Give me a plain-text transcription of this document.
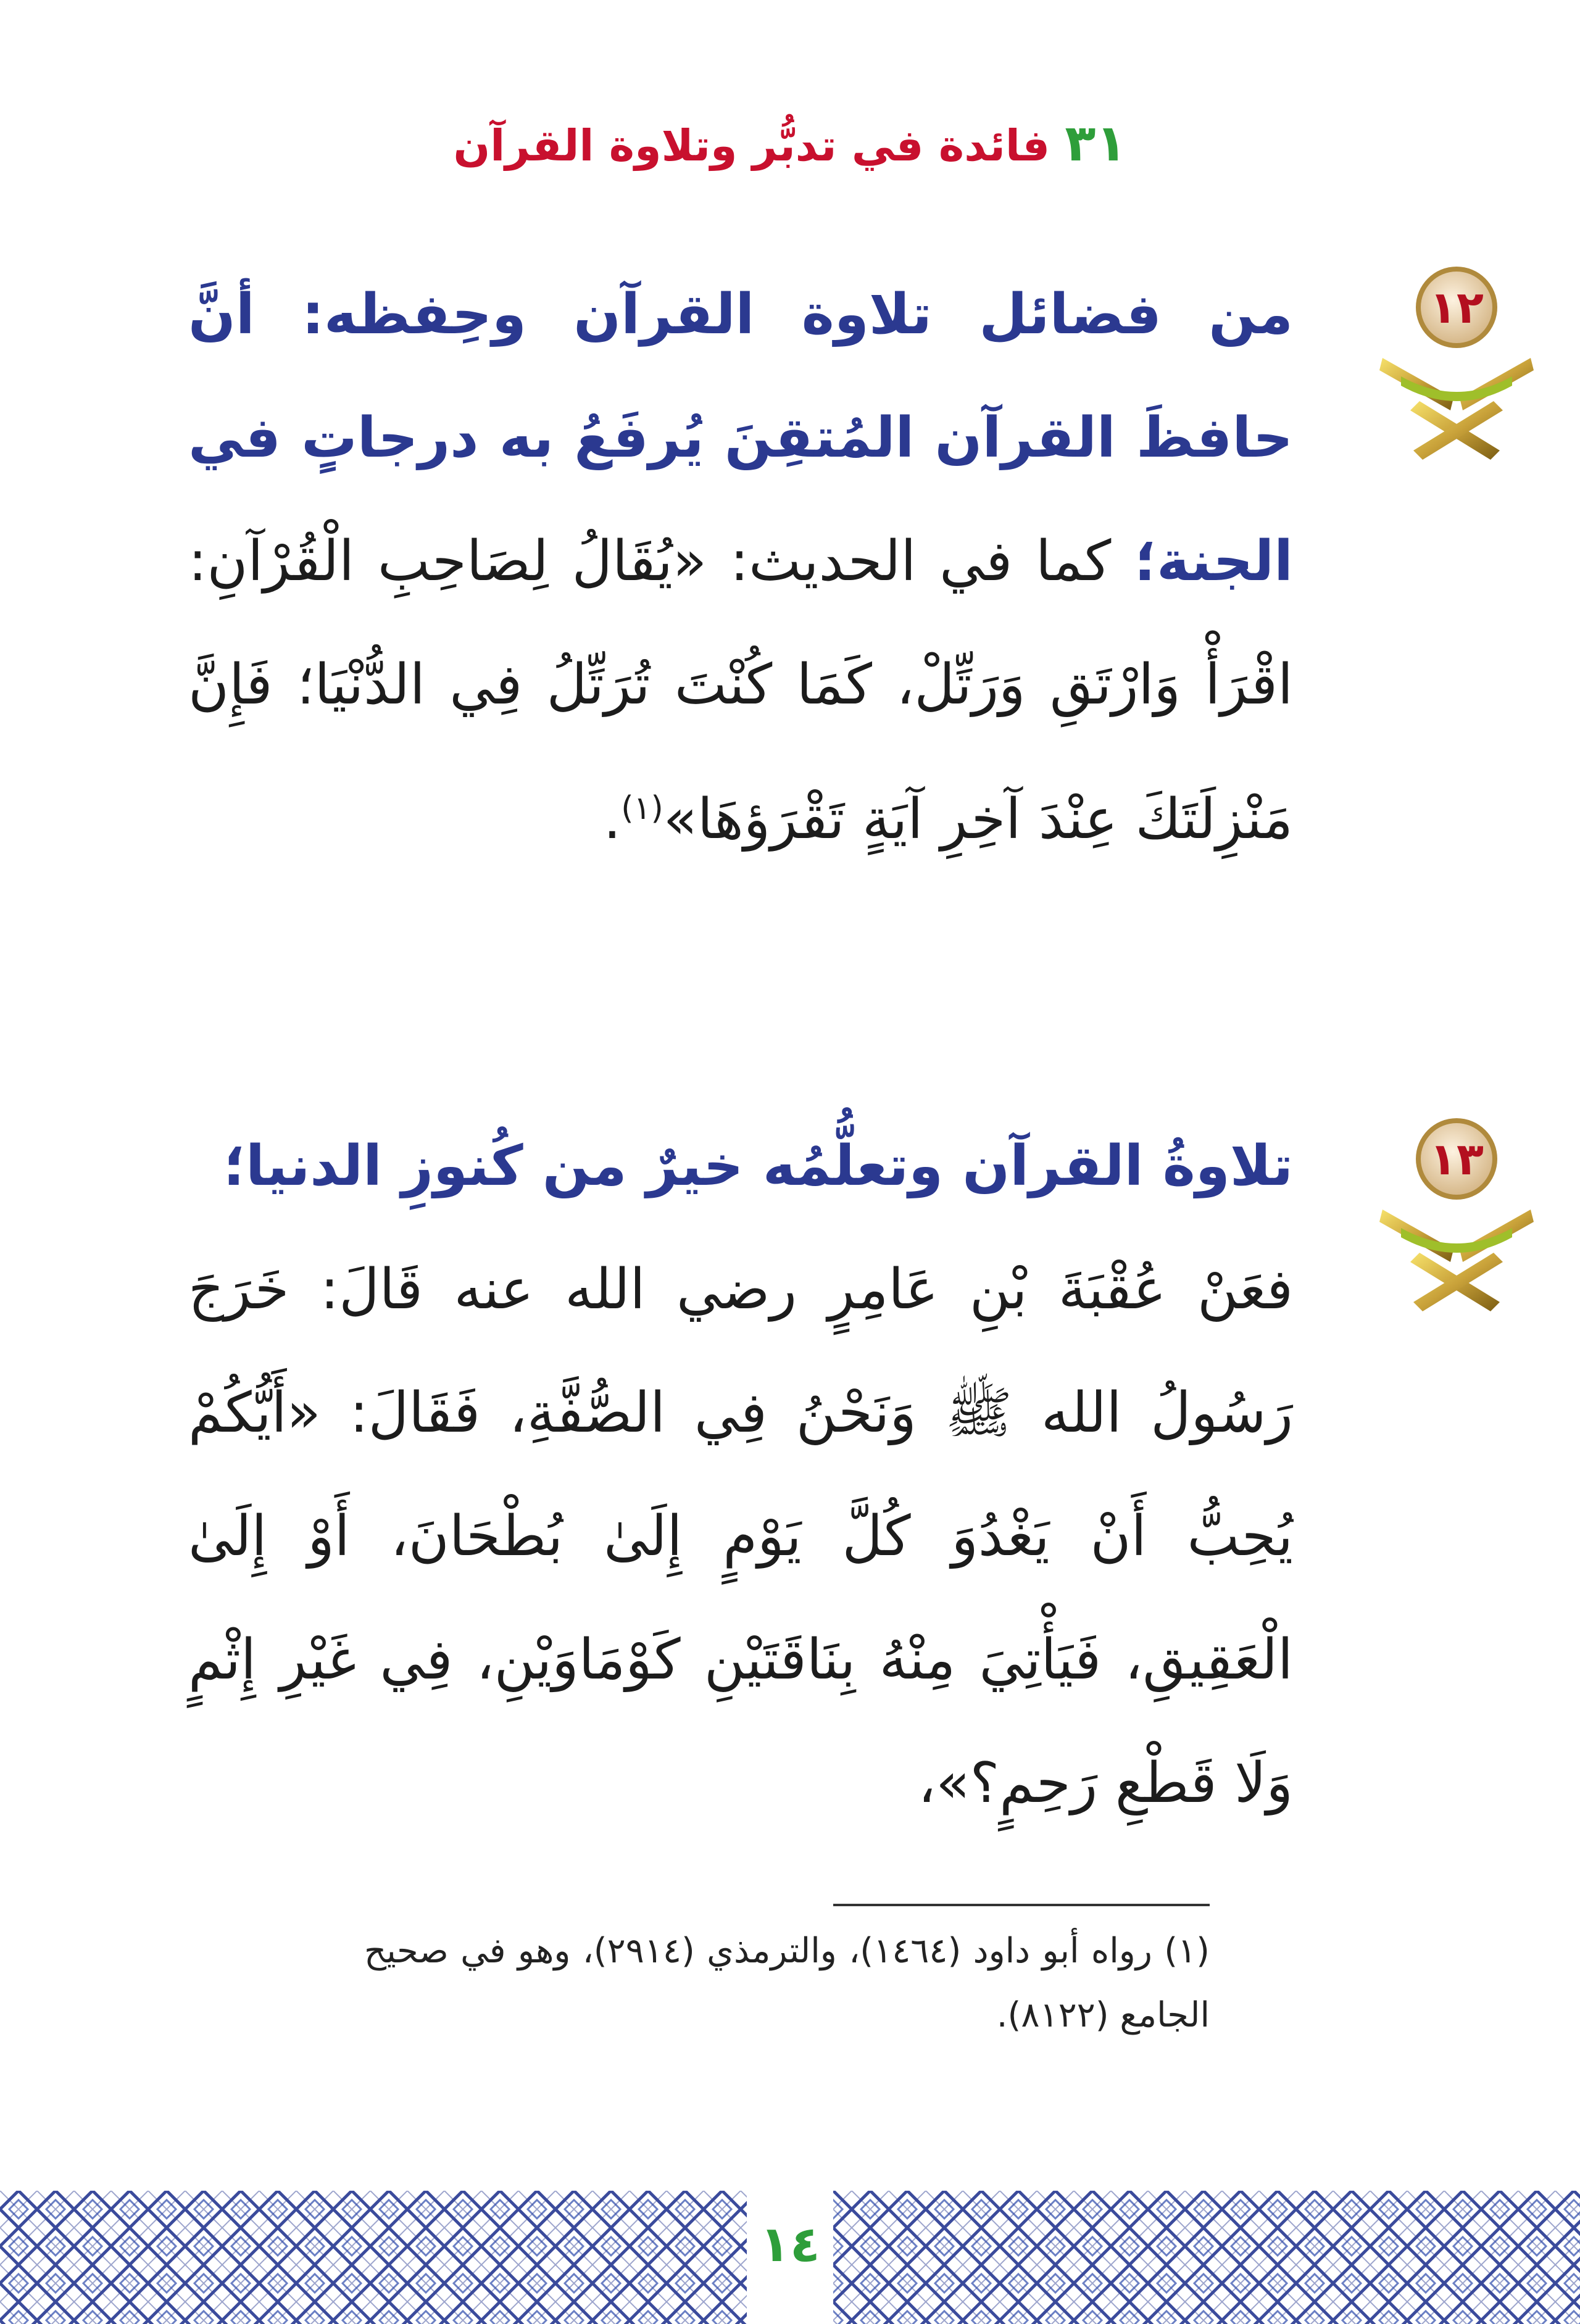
٣١ فائدة في تدبُّر وتلاوة القرآن
١٢

من فضائل تلاوة القرآن وحِفظه: أنَّ حافظَ القرآن المُتقِنَ يُرفَعُ به درجاتٍ في الجنة؛ كما في الحديث: «يُقَالُ لِصَاحِبِ الْقُرْآنِ: اقْرَأْ وَارْتَقِ وَرَتِّلْ، كَمَا كُنْتَ تُرَتِّلُ فِي الدُّنْيَا؛ فَإِنَّ مَنْزِلَتَكَ عِنْدَ آخِرِ آيَةٍ تَقْرَؤهَا»$^{(١)}$.

١٣

تلاوةُ القرآن وتعلُّمُه خيرٌ من كُنوزِ الدنيا؛

فعَنْ عُقْبَةَ بْنِ عَامِرٍ رضي الله عنه قَالَ: خَرَجَ رَسُولُ الله ﷺ وَنَحْنُ فِي الصُّفَّةِ، فَقَالَ: «أَيُّكُمْ يُحِبُّ أَنْ يَغْدُوَ كُلَّ يَوْمٍ إِلَىٰ بُطْحَانَ، أَوْ إِلَىٰ الْعَقِيقِ، فَيَأْتِيَ مِنْهُ بِنَاقَتَيْنِ كَوْمَاوَيْنِ، فِي غَيْرِ إِثْمٍ وَلَا قَطْعِ رَحِمٍ؟»،

(١) رواه أبو داود (١٤٦٤)، والترمذي (٢٩١٤)، وهو في صحيح الجامع (٨١٢٢).
١٤
